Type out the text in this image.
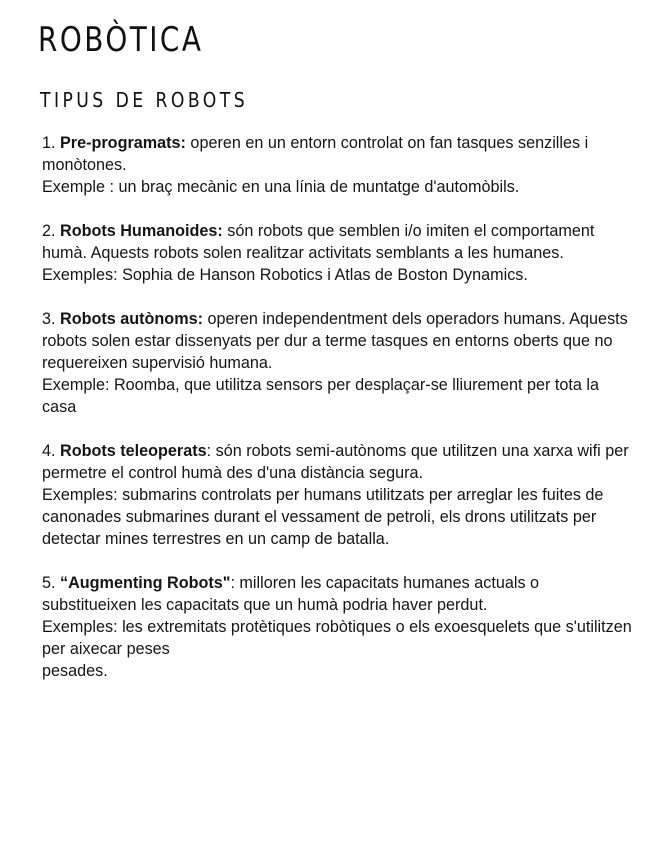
ROBÒTICA
TIPUS DE ROBOTS

1. Pre-programats: operen en un entorn controlat on fan tasques senzilles i monòtones.

Exemple : un braç mecànic en una línia de muntatge d'automòbils.

2. Robots Humanoides: són robots que semblen i/o imiten el comportament humà. Aquests robots solen realitzar activitats semblants a les humanes.

Exemples: Sophia de Hanson Robotics i Atlas de Boston Dynamics.

3. Robots autònoms: operen independentment dels operadors humans. Aquests robots solen estar dissenyats per dur a terme tasques en entorns oberts que no requereixen supervisió humana.

Exemple: Roomba, que utilitza sensors per desplaçar-se lliurement per tota la casa

4. Robots teleoperats: són robots semi-autònoms que utilitzen una xarxa wifi per permetre el control humà des d'una distància segura.

Exemples: submarins controlats per humans utilitzats per arreglar les fuites de canonades submarines durant el vessament de petroli, els drons utilitzats per detectar mines terrestres en un camp de batalla.

5. “Augmenting Robots": milloren les capacitats humanes actuals o substitueixen les capacitats que un humà podria haver perdut.

Exemples: les extremitats protètiques robòtiques o els exoesquelets que s'utilitzen per aixecar peses

pesades.
